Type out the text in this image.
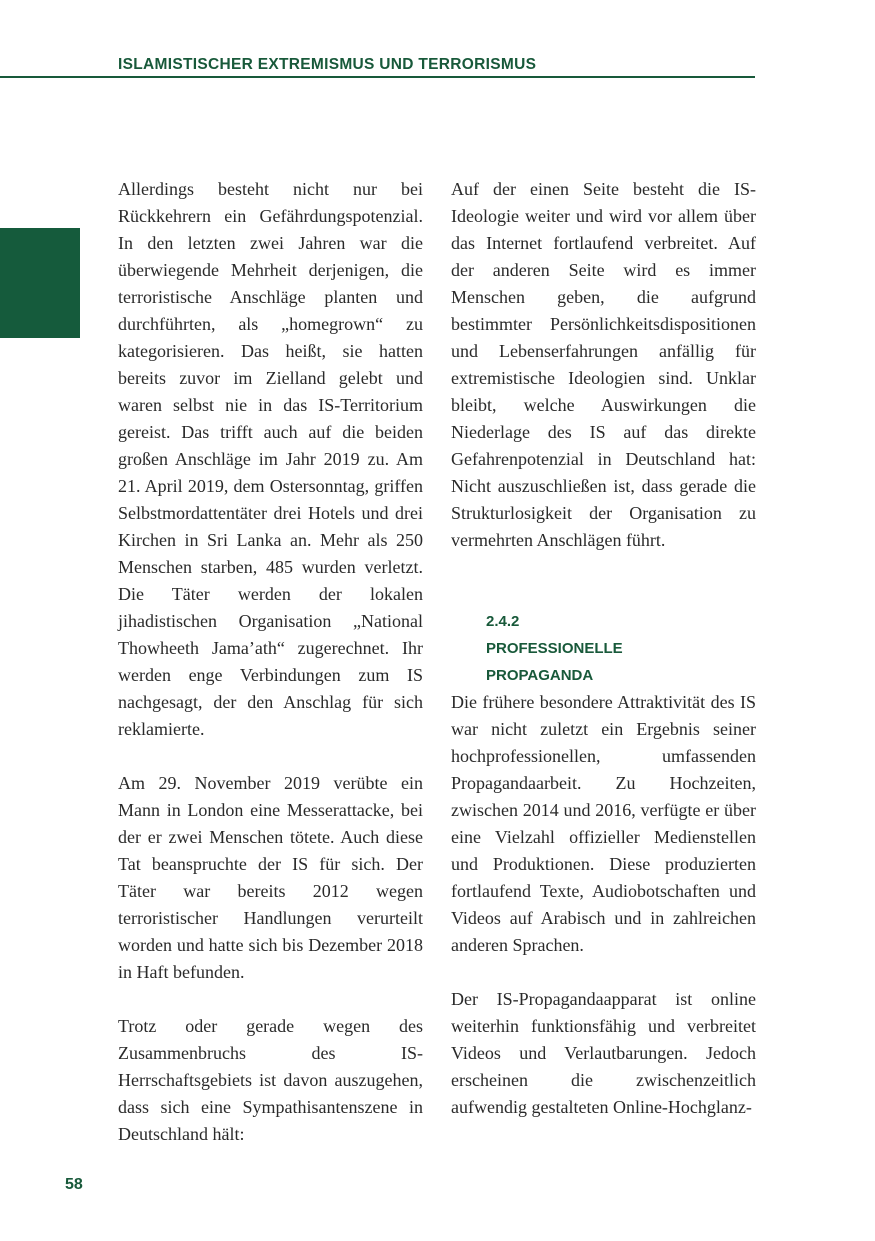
ISLAMISTISCHER EXTREMISMUS UND TERRORISMUS

Allerdings besteht nicht nur bei Rückkehrern ein Gefährdungspotenzial. In den letzten zwei Jahren war die überwiegende Mehrheit derjenigen, die terroristische Anschläge planten und durchführten, als „homegrown“ zu kategorisieren. Das heißt, sie hatten bereits zuvor im Zielland gelebt und waren selbst nie in das IS-Territorium gereist. Das trifft auch auf die beiden großen Anschläge im Jahr 2019 zu. Am 21. April 2019, dem Ostersonntag, griffen Selbstmordattentäter drei Hotels und drei Kirchen in Sri Lanka an. Mehr als 250 Menschen starben, 485 wurden verletzt. Die Täter werden der lokalen jihadistischen Organisation „National Thowheeth Jama’ath“ zugerechnet. Ihr werden enge Verbindungen zum IS nachgesagt, der den Anschlag für sich reklamierte.

Am 29. November 2019 verübte ein Mann in London eine Messerattacke, bei der er zwei Menschen tötete. Auch diese Tat beanspruchte der IS für sich. Der Täter war bereits 2012 wegen terroristischer Handlungen verurteilt worden und hatte sich bis Dezember 2018 in Haft befunden.

Trotz oder gerade wegen des Zusammenbruchs des IS-Herrschaftsgebiets ist davon auszugehen, dass sich eine Sympathisantenszene in Deutschland hält:

Auf der einen Seite besteht die IS-Ideologie weiter und wird vor allem über das Internet fortlaufend verbreitet. Auf der anderen Seite wird es immer Menschen geben, die aufgrund bestimmter Persönlichkeitsdispositionen und Lebenserfahrungen anfällig für extremistische Ideologien sind. Unklar bleibt, welche Auswirkungen die Niederlage des IS auf das direkte Gefahrenpotenzial in Deutschland hat: Nicht auszuschließen ist, dass gerade die Strukturlosigkeit der Organisation zu vermehrten Anschlägen führt.

2.4.2

PROFESSIONELLE

PROPAGANDA

Die frühere besondere Attraktivität des IS war nicht zuletzt ein Ergebnis seiner hochprofessionellen, umfassenden Propagandaarbeit. Zu Hochzeiten, zwischen 2014 und 2016, verfügte er über eine Vielzahl offizieller Medienstellen und Produktionen. Diese produzierten fortlaufend Texte, Audiobotschaften und Videos auf Arabisch und in zahlreichen anderen Sprachen.

Der IS-Propagandaapparat ist online weiterhin funktionsfähig und verbreitet Videos und Verlautbarungen. Jedoch erscheinen die zwischenzeitlich aufwendig gestalteten Online-Hochglanz-

58
